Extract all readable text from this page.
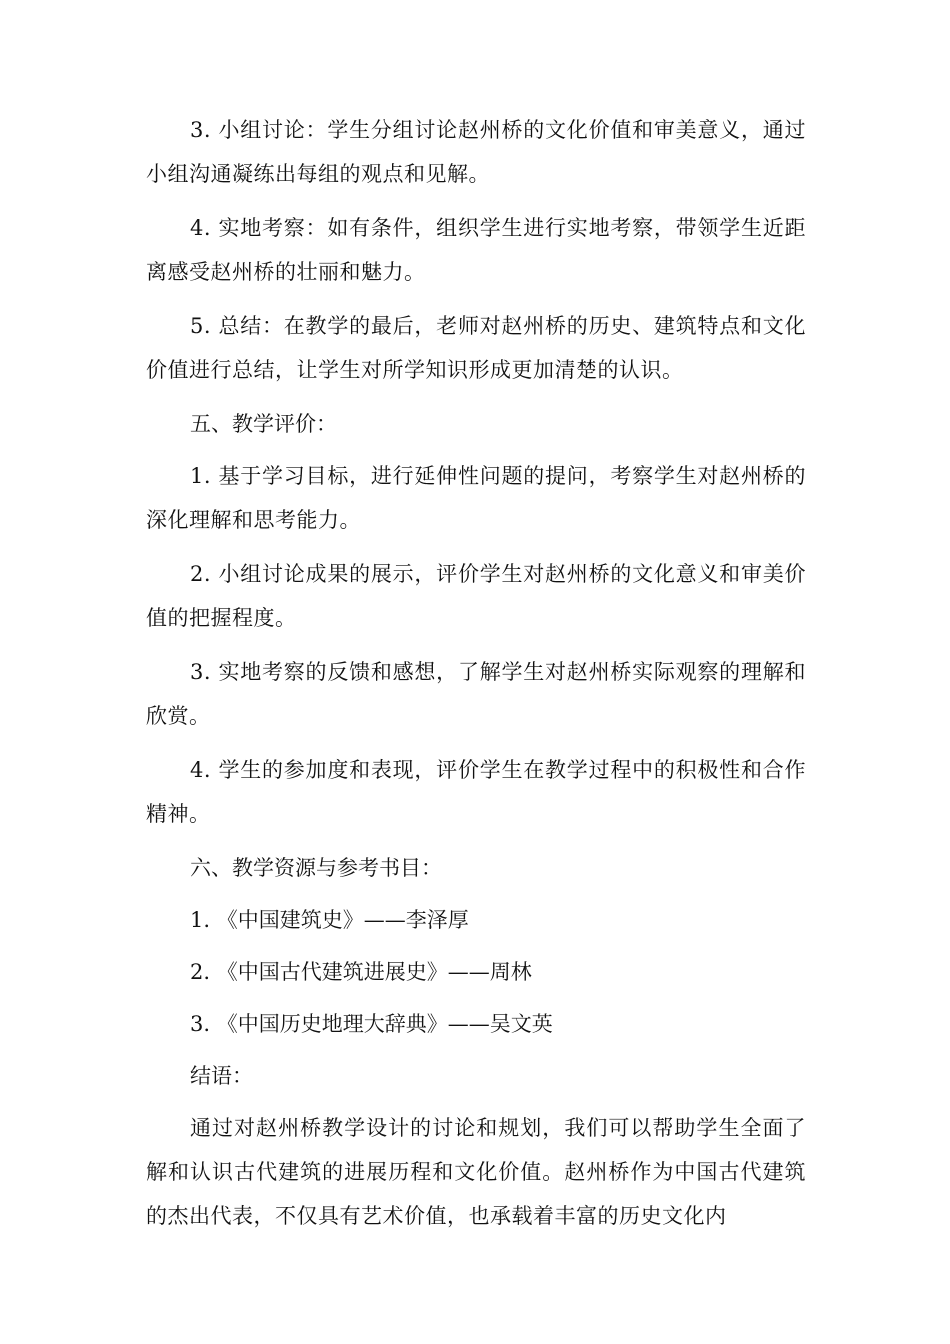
3. 小组讨论：学生分组讨论赵州桥的文化价值和审美意义，通过小组沟通凝练出每组的观点和见解。

4. 实地考察：如有条件，组织学生进行实地考察，带领学生近距离感受赵州桥的壮丽和魅力。

5. 总结：在教学的最后，老师对赵州桥的历史、建筑特点和文化价值进行总结，让学生对所学知识形成更加清楚的认识。

五、教学评价：

1. 基于学习目标，进行延伸性问题的提问，考察学生对赵州桥的深化理解和思考能力。

2. 小组讨论成果的展示，评价学生对赵州桥的文化意义和审美价值的把握程度。

3. 实地考察的反馈和感想，了解学生对赵州桥实际观察的理解和欣赏。

4. 学生的参加度和表现，评价学生在教学过程中的积极性和合作精神。

六、教学资源与参考书目：

1. 《中国建筑史》——李泽厚

2. 《中国古代建筑进展史》——周林

3. 《中国历史地理大辞典》——吴文英

结语：

通过对赵州桥教学设计的讨论和规划，我们可以帮助学生全面了解和认识古代建筑的进展历程和文化价值。赵州桥作为中国古代建筑的杰出代表，不仅具有艺术价值，也承载着丰富的历史文化内
